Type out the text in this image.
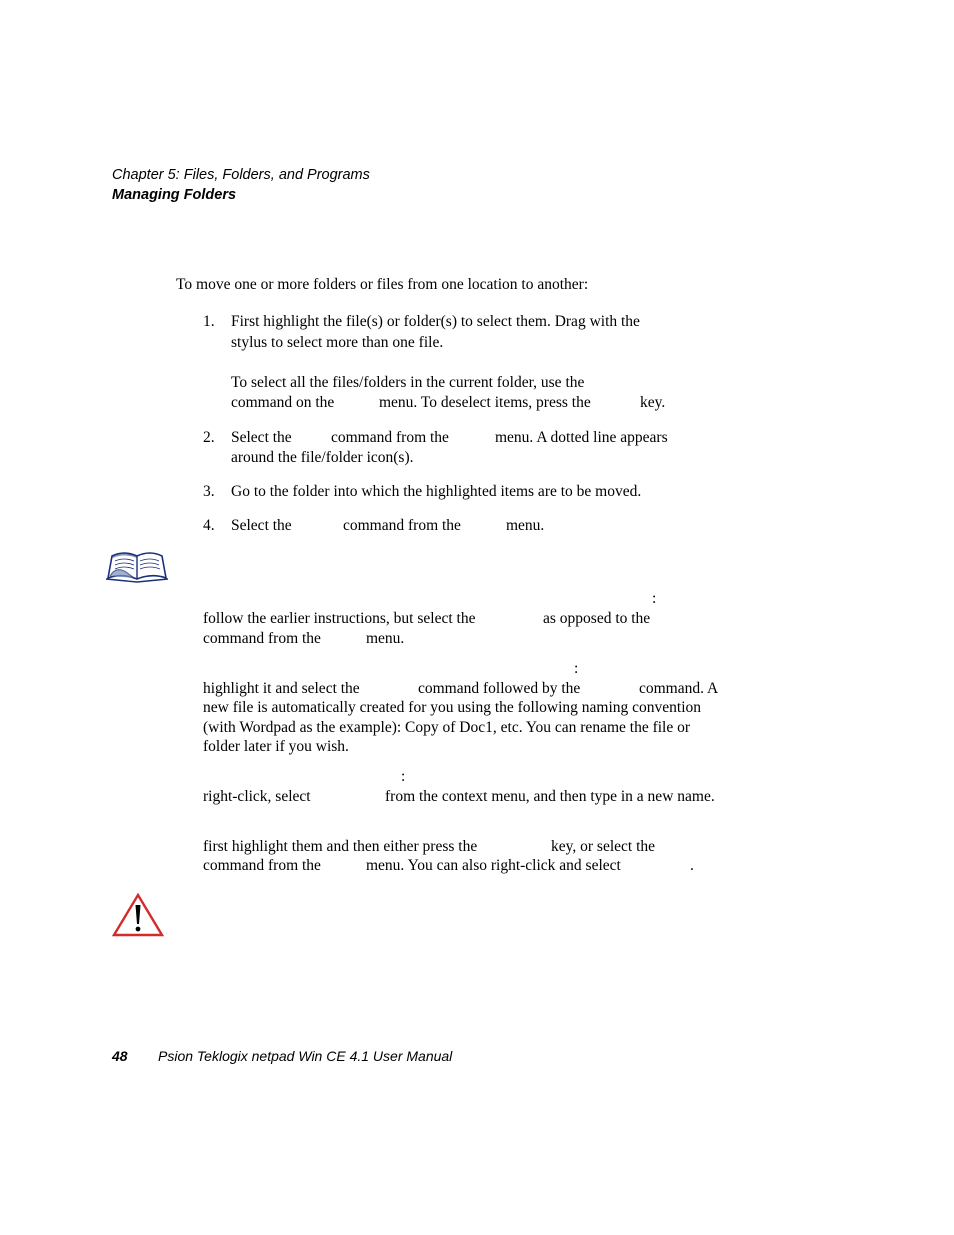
Chapter 5: Files, Folders, and Programs
Managing Folders
To move one or more folders or files from one location to another:
1. First highlight the file(s) or folder(s) to select them. Drag with the
stylus to select more than one file.
To select all the files/folders in the current folder, use the
command on the	menu. To deselect items, press the	key.
2. Select the	command from the	menu. A dotted line appears
around the file/folder icon(s).
3. Go to the folder into which the highlighted items are to be moved.
4. Select the	command from the	menu.
:
follow the earlier instructions, but select the	as opposed to the
command from the	menu.
:
highlight it and select the	command followed by the	command. A
new file is automatically created for you using the following naming convention
(with Wordpad as the example): Copy of Doc1, etc. You can rename the file or
folder later if you wish.
:
right-click, select	from the context menu, and then type in a new name.
first highlight them and then either press the	key, or select the
command from the	menu. You can also right-click and select	.
48 Psion Teklogix netpad Win CE 4.1 User Manual
